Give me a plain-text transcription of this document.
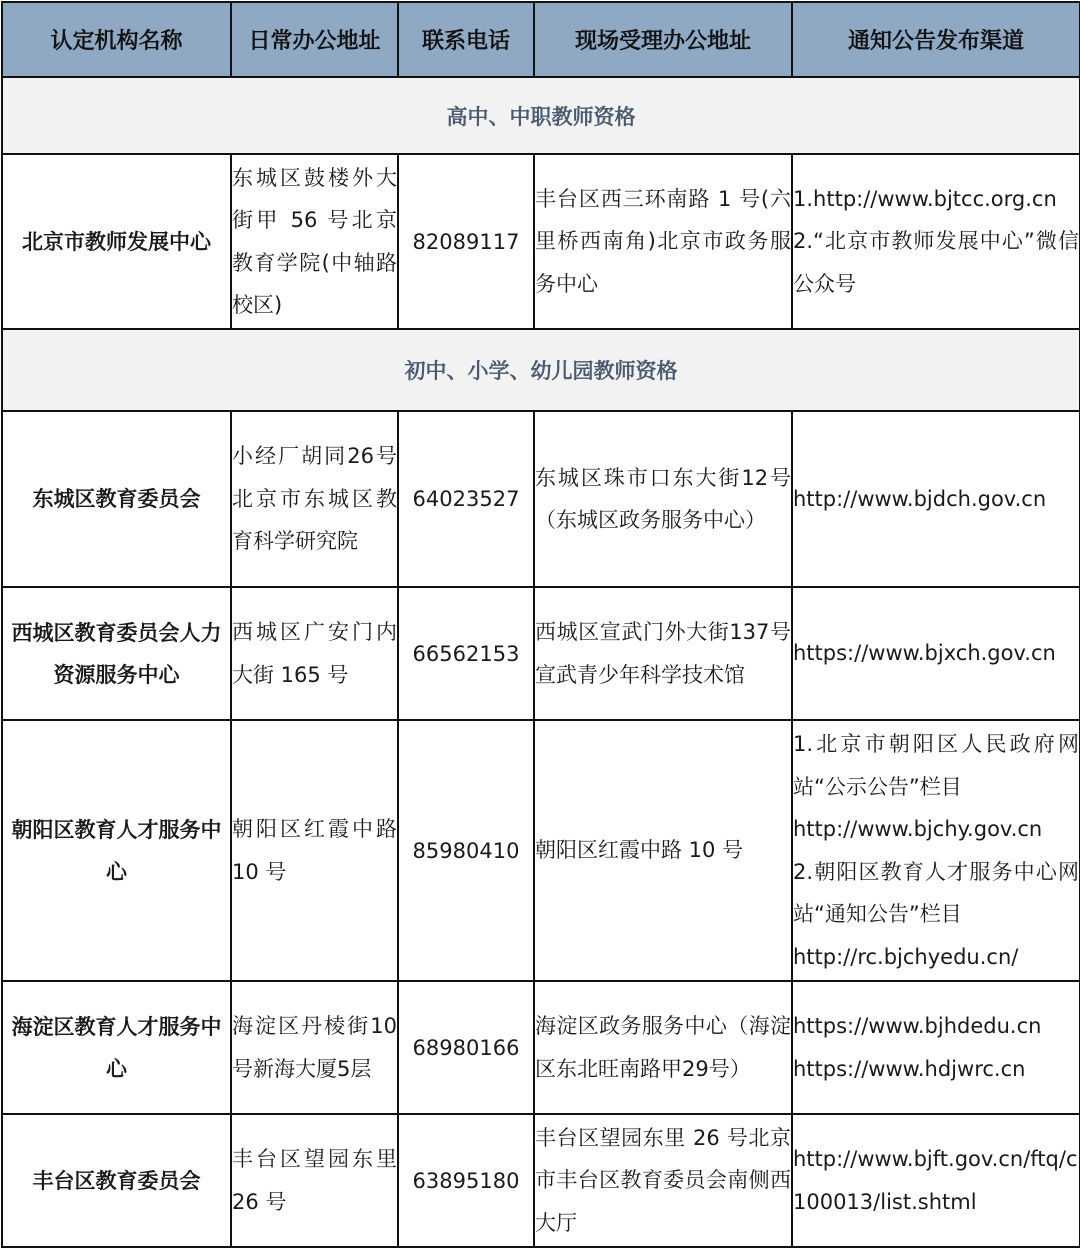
认定机构名称	日常办公地址	联系电话	现场受理办公地址	通知公告发布渠道
高中、中职教师资格				
北京市教师发展中心	东城区鼓楼外大街甲 56 号北京教育学院(中轴路校区)	82089117	丰台区西三环南路 1 号(六里桥西南角)北京市政务服务中心	1.http://www.bjtcc.org.cn
2.“北京市教师发展中心”微信公众号

初中、小学、幼儿园教师资格				
东城区教育委员会	小经厂胡同26号北京市东城区教育科学研究院	64023527	东城区珠市口东大街12号（东城区政务服务中心）	http://www.bjdch.gov.cn

西城区教育委员会人力资源服务中心	西城区广安门内大街 165 号	66562153	西城区宣武门外大街137号 宣武青少年科学技术馆	https://www.bjxch.gov.cn

朝阳区教育人才服务中心	朝阳区红霞中路 10 号	85980410	朝阳区红霞中路 10 号	1.北京市朝阳区人民政府网站“公示公告”栏目
http://www.bjchy.gov.cn
2.朝阳区教育人才服务中心网站“通知公告”栏目
http://rc.bjchyedu.cn/

海淀区教育人才服务中心	海淀区丹棱街10号新海大厦5层	68980166	海淀区政务服务中心（海淀区东北旺南路甲29号）	https://www.bjhdedu.cn
https://www.hdjwrc.cn

丰台区教育委员会	丰台区望园东里 26 号	63895180	丰台区望园东里 26 号北京市丰台区教育委员会南侧西大厅	http://www.bjft.gov.cn/ftq/c100013/list.shtml
